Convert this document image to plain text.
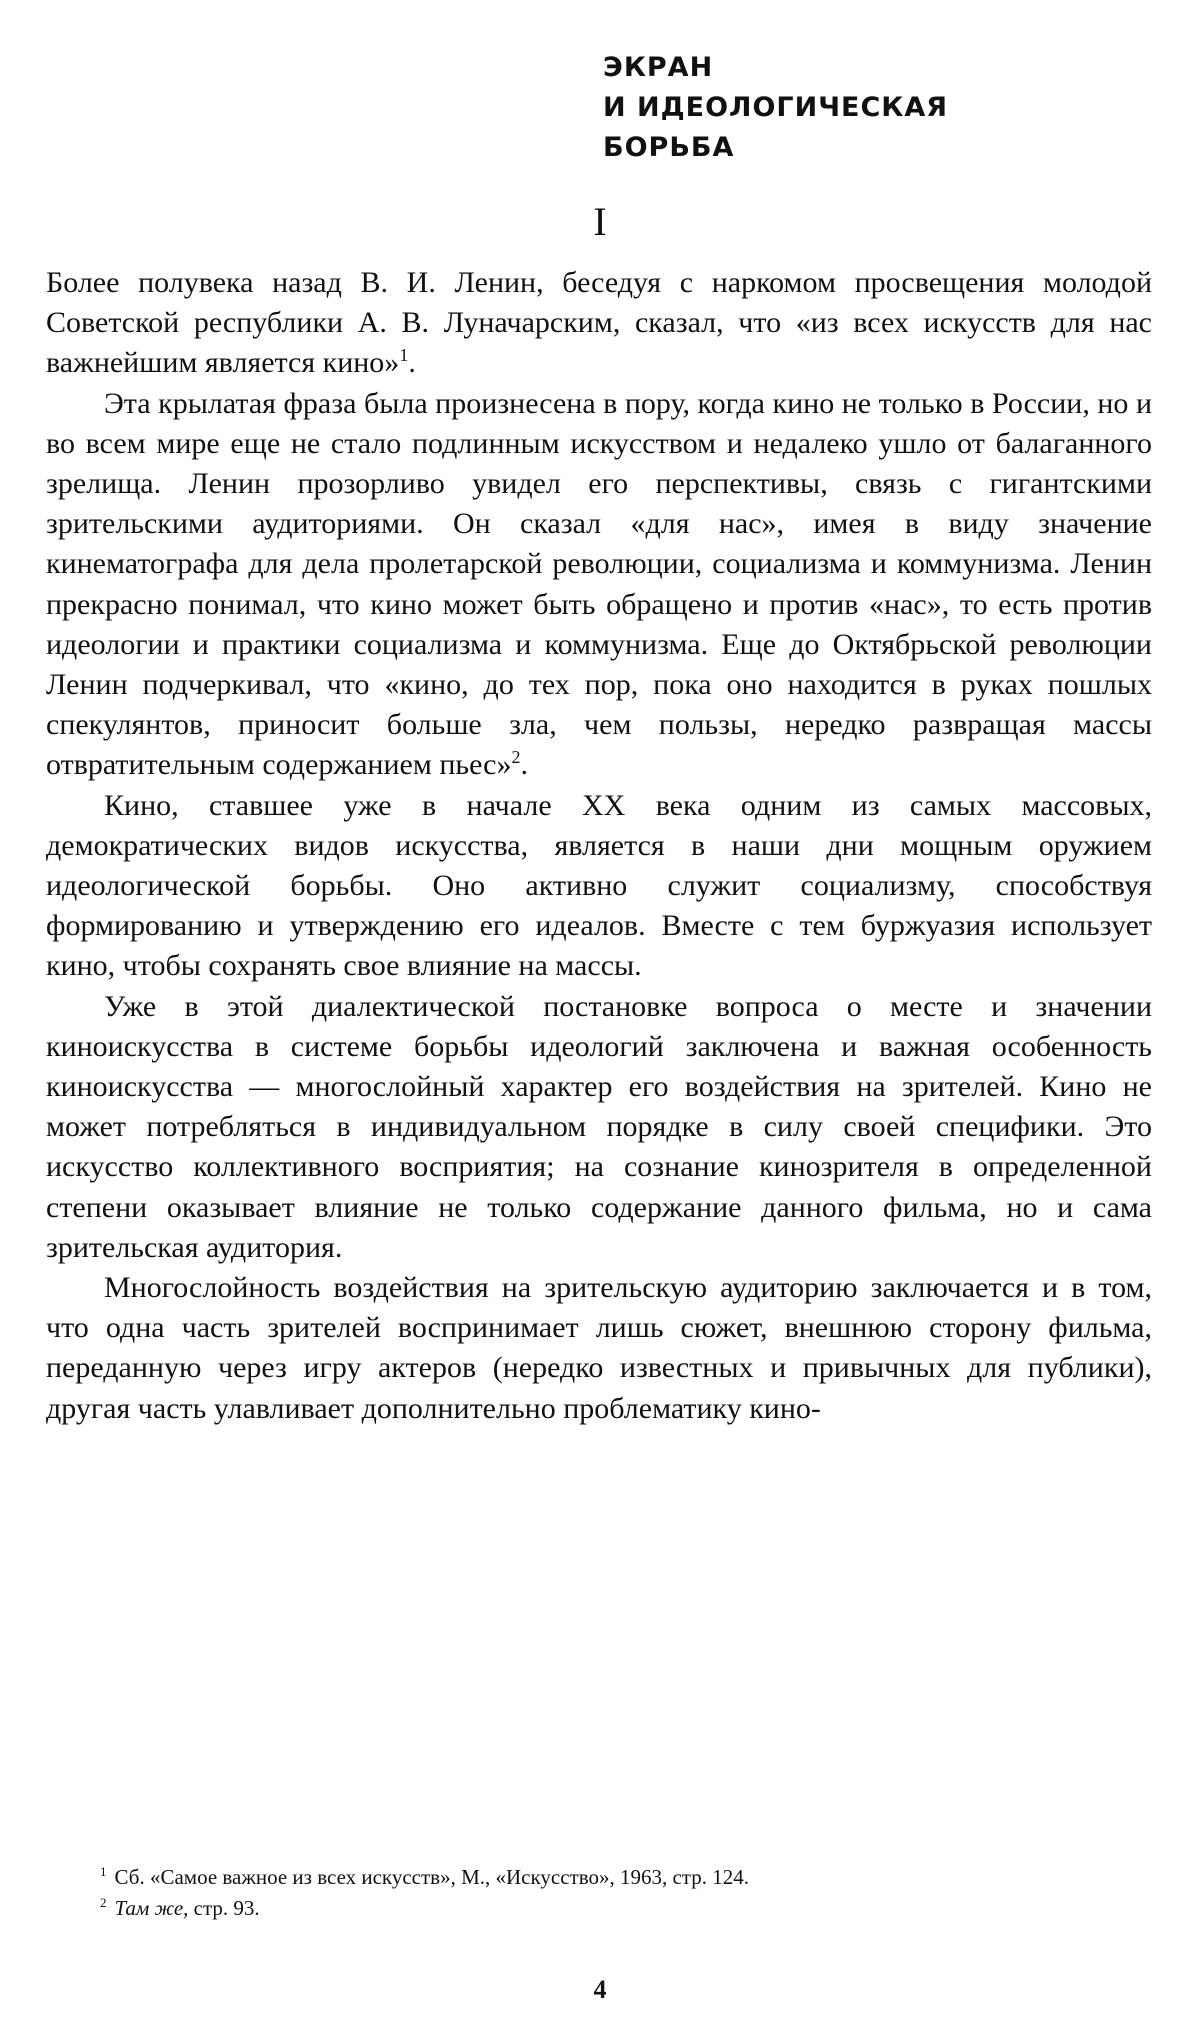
ЭКРАН
И ИДЕОЛОГИЧЕСКАЯ
БОРЬБА
I

Более полувека назад В. И. Ленин, беседуя с наркомом просвещения молодой Советской республики А. В. Луначарским, сказал, что «из всех искусств для нас важнейшим является кино»$^1$.

Эта крылатая фраза была произнесена в пору, когда кино не только в России, но и во всем мире еще не стало подлинным искусством и недалеко ушло от балаганного зрелища. Ленин прозорливо увидел его перспективы, связь с гигантскими зрительскими аудиториями. Он сказал «для нас», имея в виду значение кинематографа для дела пролетарской революции, социализма и коммунизма. Ленин прекрасно понимал, что кино может быть обращено и против «нас», то есть против идеологии и практики социализма и коммунизма. Еще до Октябрьской революции Ленин подчеркивал, что «кино, до тех пор, пока оно находится в руках пошлых спекулянтов, приносит больше зла, чем пользы, нередко развращая массы отвратительным содержанием пьес»$^2$.

Кино, ставшее уже в начале XX века одним из самых массовых, демократических видов искусства, является в наши дни мощным оружием идеологической борьбы. Оно активно служит социализму, способствуя формированию и утверждению его идеалов. Вместе с тем буржуазия использует кино, чтобы сохранять свое влияние на массы.

Уже в этой диалектической постановке вопроса о месте и значении киноискусства в системе борьбы идеологий заключена и важная особенность киноискусства — многослойный характер его воздействия на зрителей. Кино не может потребляться в индивидуальном порядке в силу своей специфики. Это искусство коллективного восприятия; на сознание кинозрителя в определенной степени оказывает влияние не только содержание данного фильма, но и сама зрительская аудитория.

Многослойность воздействия на зрительскую аудиторию заключается и в том, что одна часть зрителей воспринимает лишь сюжет, внешнюю сторону фильма, переданную через игру актеров (нередко известных и привычных для публики), другая часть улавливает дополнительно проблематику кино-

$^1$ Сб. «Самое важное из всех искусств», М., «Искусство», 1963, стр. 124.
$^2$ Там же, стр. 93.
4
